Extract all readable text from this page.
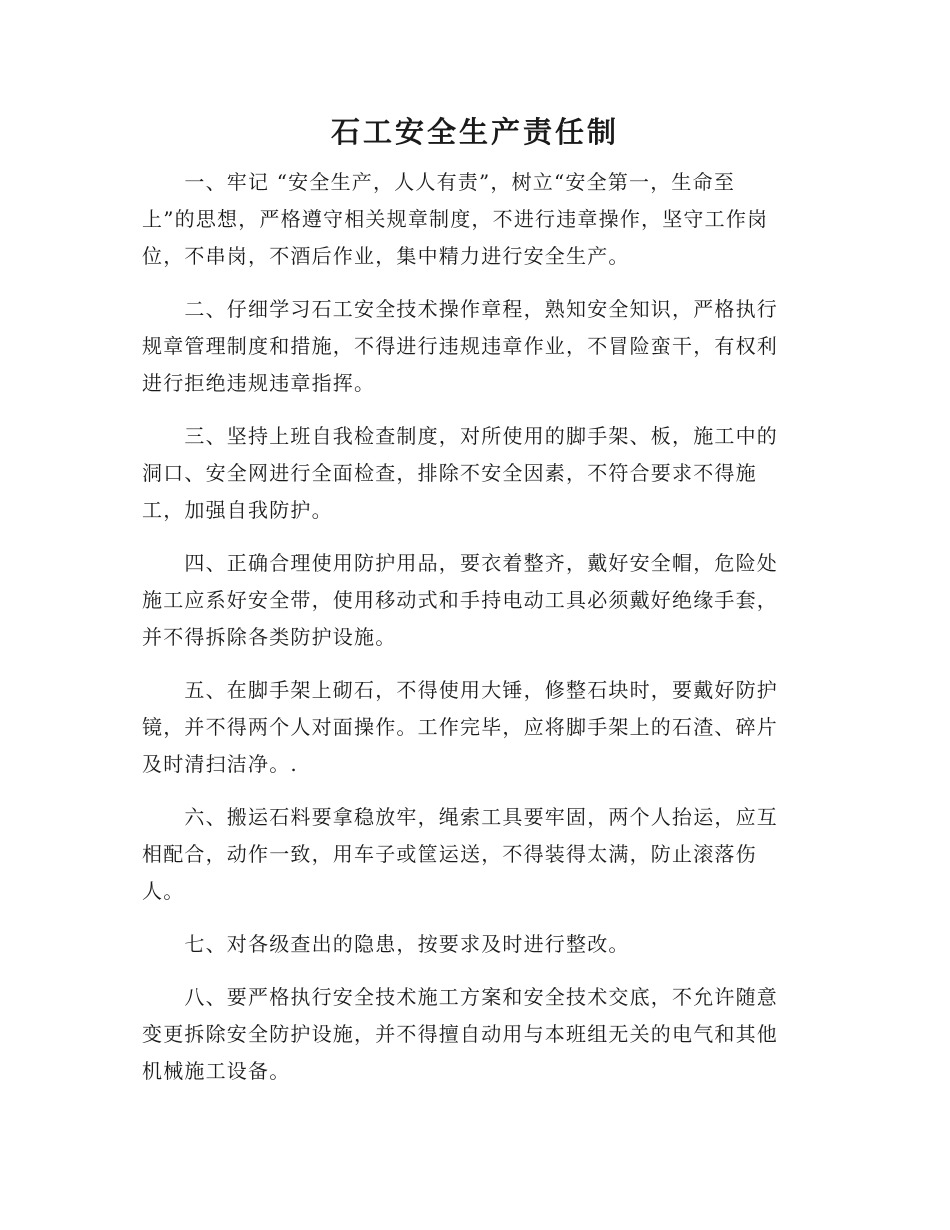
石工安全生产责任制

　　一、牢记 “安全生产，人人有责”，树立“安全第一，生命至
上”的思想，严格遵守相关规章制度，不进行违章操作，坚守工作岗
位，不串岗，不酒后作业，集中精力进行安全生产。

　　二、仔细学习石工安全技术操作章程，熟知安全知识，严格执行
规章管理制度和措施，不得进行违规违章作业，不冒险蛮干，有权利
进行拒绝违规违章指挥。

　　三、坚持上班自我检查制度，对所使用的脚手架、板，施工中的
洞口、安全网进行全面检查，排除不安全因素，不符合要求不得施
工，加强自我防护。

　　四、正确合理使用防护用品，要衣着整齐，戴好安全帽，危险处
施工应系好安全带，使用移动式和手持电动工具必须戴好绝缘手套，
并不得拆除各类防护设施。

　　五、在脚手架上砌石，不得使用大锤，修整石块时，要戴好防护
镜，并不得两个人对面操作。工作完毕，应将脚手架上的石渣、碎片
及时清扫洁净。.

　　六、搬运石料要拿稳放牢，绳索工具要牢固，两个人抬运，应互
相配合，动作一致，用车子或筐运送，不得装得太满，防止滚落伤
人。

　　七、对各级查出的隐患，按要求及时进行整改。

　　八、要严格执行安全技术施工方案和安全技术交底，不允许随意
变更拆除安全防护设施，并不得擅自动用与本班组无关的电气和其他
机械施工设备。
